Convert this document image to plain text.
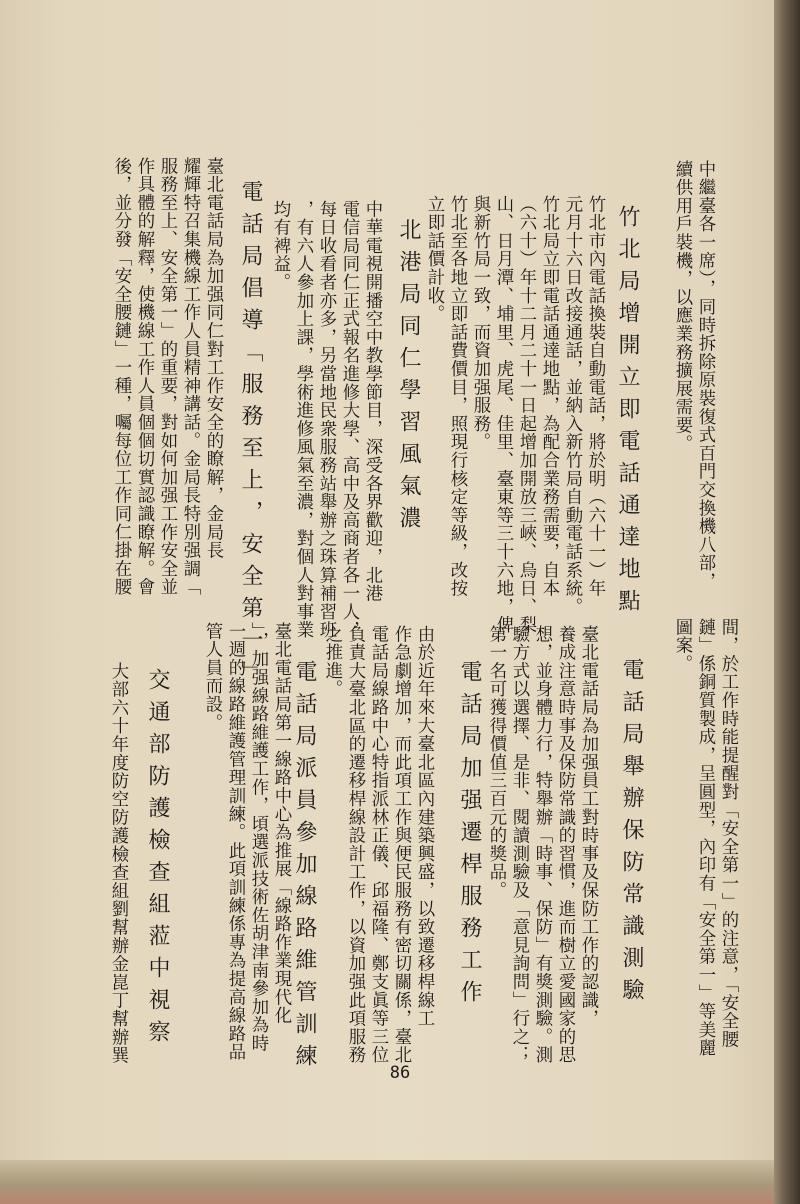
中繼臺各一席），同時拆除原裝復式百門交換機八部，
續供用戶裝機，以應業務擴展需要。
竹北局增開立即電話通達地點
竹北市內電話換裝自動電話，將於明（六十一）年
元月十六日改接通話，並納入新竹局自動電話系統。
竹北局立即電話通達地點，為配合業務需要，自本
（六十）年十二月二十一日起增加開放三峽、烏日、梨
山、日月潭、埔里、虎尾、佳里、臺東等三十六地，俾
與新竹局一致，而資加强服務。
竹北至各地立即話費價目，照現行核定等級，改按
立即話價計收。
北港局同仁學習風氣濃
中華電視開播空中教學節目，深受各界歡迎，北港
電信局同仁正式報名進修大學、高中及高商者各一人，
每日收看者亦多，另當地民衆服務站舉辦之珠算補習班
，有六人參加上課，學術進修風氣至濃，對個人對事業
均有裨益。
電話局倡導「服務至上，安全第一」
臺北電話局為加强同仁對工作安全的瞭解，金局長
耀輝特召集機線工作人員精神講話。金局長特別强調「
服務至上、安全第一」的重要，對如何加强工作安全並
作具體的解釋，使機線工作人員個個切實認識瞭解。會
後，並分發「安全腰鏈」一種，囑每位工作同仁掛在腰
間，於工作時能提醒對「安全第一」的注意，「安全腰
鏈」係銅質製成，呈圓型，內印有「安全第一」等美麗
圖案。
電話局舉辦保防常識測驗
臺北電話局為加强員工對時事及保防工作的認識，
養成注意時事及保防常識的習慣，進而樹立愛國家的思
想，並身體力行，特舉辦「時事、保防」有獎測驗。測
驗方式以選擇、是非、閱讀測驗及「意見詢問」行之；
第一名可獲得價值三百元的獎品。
電話局加强遷桿服務工作
由於近年來大臺北區內建築興盛，以致遷移桿線工
作急劇增加，而此項工作與便民服務有密切關係，臺北
電話局線路中心特指派林正儀、邱福隆、鄭支眞等三位
負責大臺北區的遷移桿線設計工作，以資加强此項服務
之推進。
電話局派員參加線路維管訓練
臺北電話局第一線路中心為推展「線路作業現代化
」，加强線路維護工作，頃選派技術佐胡津南參加為時
一週的線路維護管理訓練。此項訓練係專為提高線路品
管人員而設。
交通部防護檢查組蒞中視察
大部六十年度防空防護檢查組劉幫辦金崑丁幫辦巽
86
